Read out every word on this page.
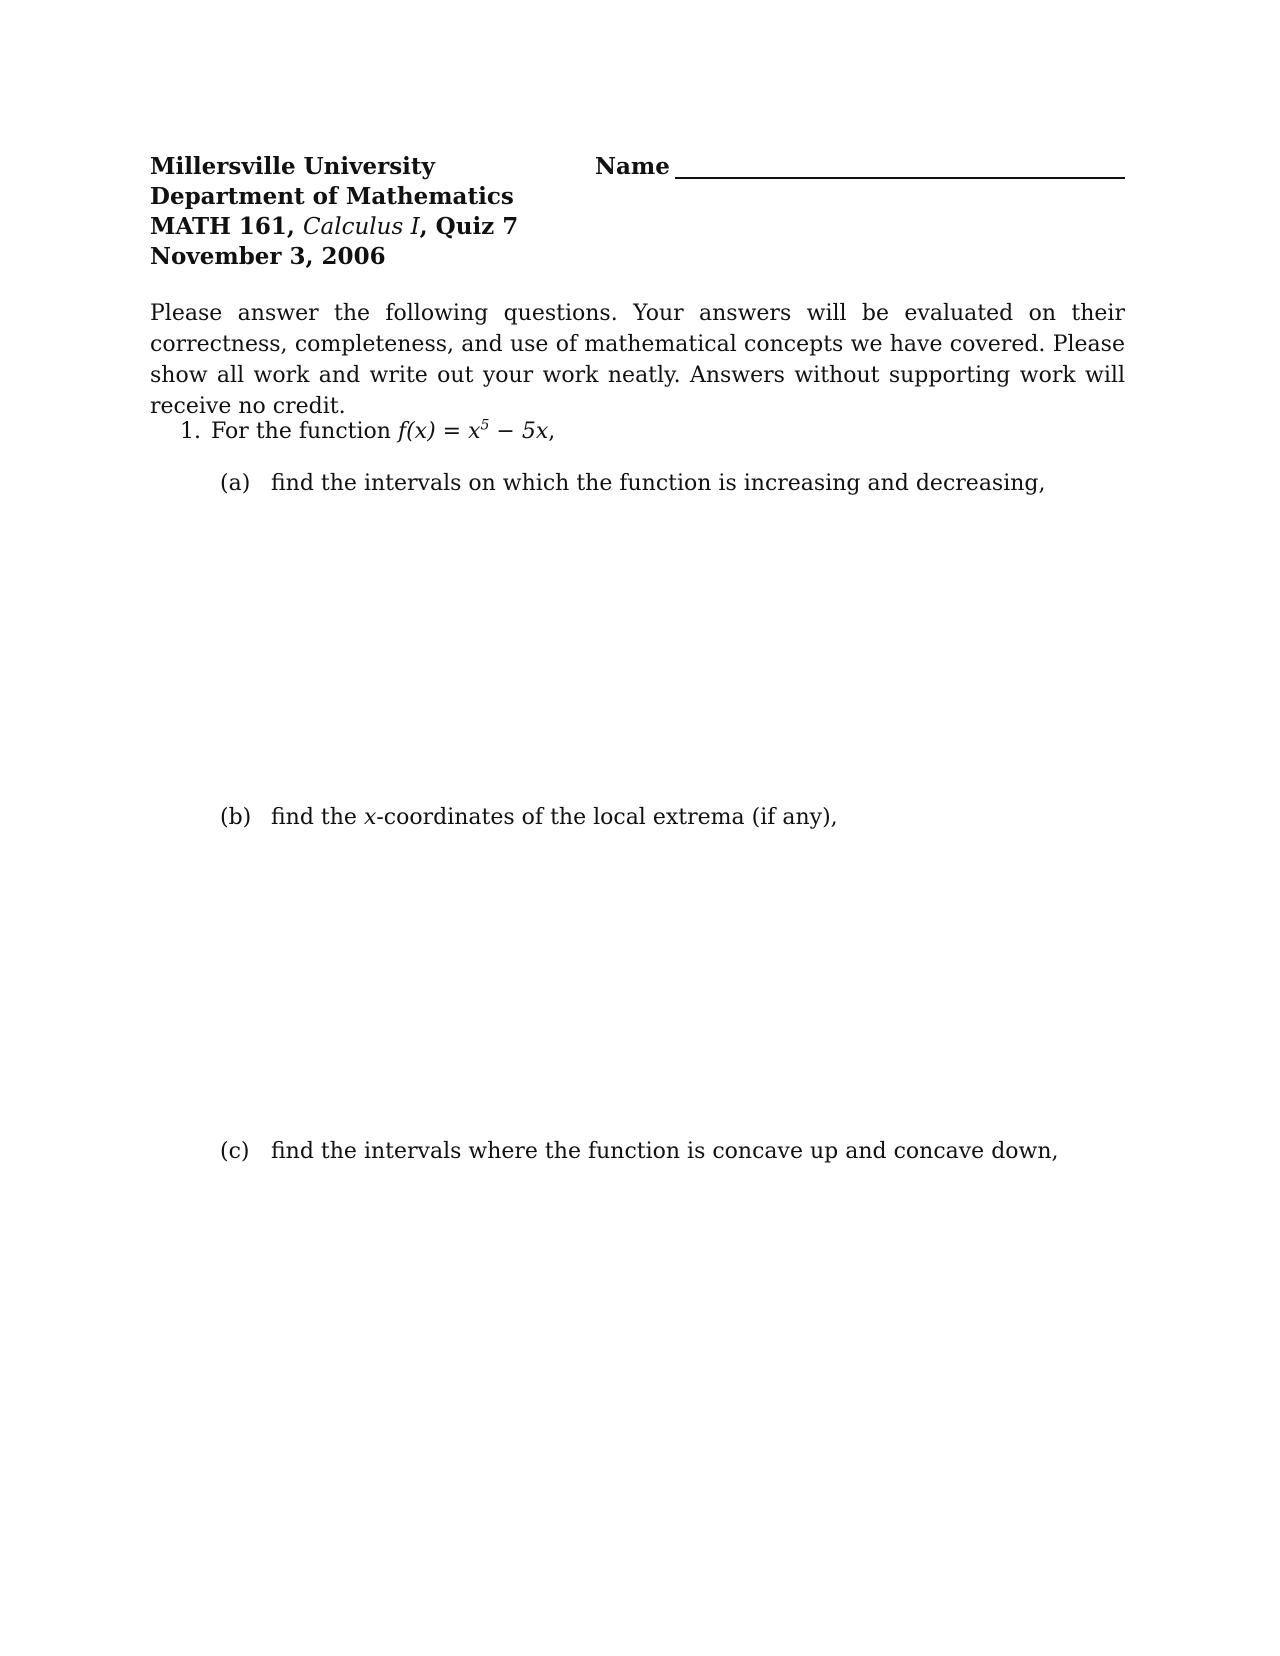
Millersville University
Department of Mathematics
MATH 161, Calculus I, Quiz 7
November 3, 2006
Name
Please answer the following questions. Your answers will be evaluated on their correctness, completeness, and use of mathematical concepts we have covered. Please show all work and write out your work neatly. Answers without supporting work will receive no credit.
1. For the function $f(x) = x^5 - 5x$,
(a) find the intervals on which the function is increasing and decreasing,
(b) find the x-coordinates of the local extrema (if any),
(c) find the intervals where the function is concave up and concave down,
